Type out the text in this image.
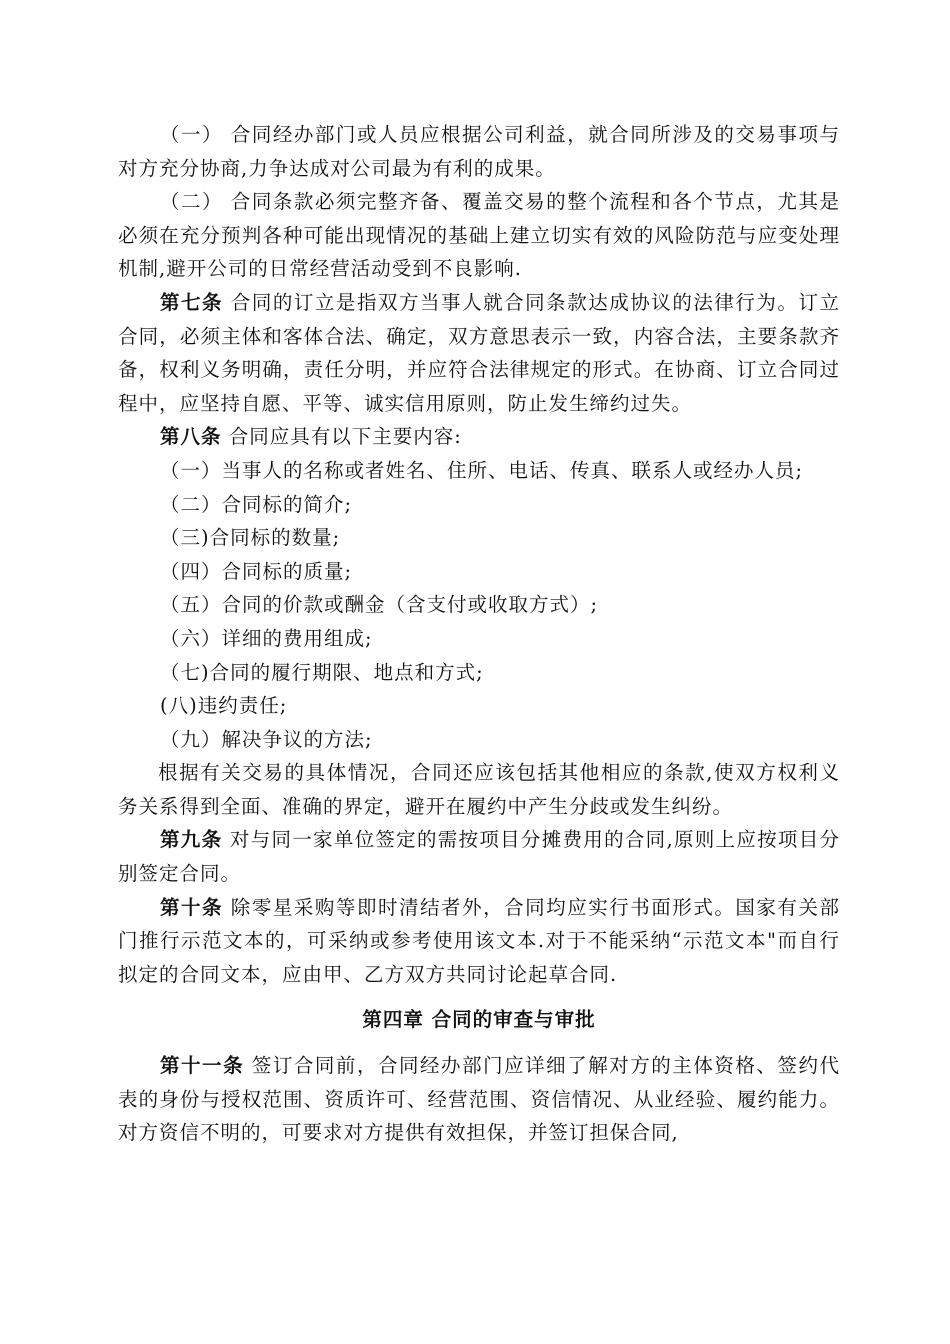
（一） 合同经办部门或人员应根据公司利益，就合同所涉及的交易事项与对方充分协商,力争达成对公司最为有利的成果。

（二） 合同条款必须完整齐备、覆盖交易的整个流程和各个节点，尤其是必须在充分预判各种可能出现情况的基础上建立切实有效的风险防范与应变处理机制,避开公司的日常经营活动受到不良影响.

第七条 合同的订立是指双方当事人就合同条款达成协议的法律行为。订立合同，必须主体和客体合法、确定，双方意思表示一致，内容合法，主要条款齐备，权利义务明确，责任分明，并应符合法律规定的形式。在协商、订立合同过程中，应坚持自愿、平等、诚实信用原则，防止发生缔约过失。

第八条 合同应具有以下主要内容:

（一）当事人的名称或者姓名、住所、电话、传真、联系人或经办人员;

（二）合同标的简介;

（三)合同标的数量;

（四）合同标的质量;

（五）合同的价款或酬金（含支付或收取方式）;

（六）详细的费用组成;

（七)合同的履行期限、地点和方式;

(八)违约责任;

（九）解决争议的方法;

根据有关交易的具体情况，合同还应该包括其他相应的条款,使双方权利义务关系得到全面、准确的界定，避开在履约中产生分歧或发生纠纷。

第九条 对与同一家单位签定的需按项目分摊费用的合同,原则上应按项目分别签定合同。

第十条 除零星采购等即时清结者外，合同均应实行书面形式。国家有关部门推行示范文本的，可采纳或参考使用该文本.对于不能采纳“示范文本"而自行拟定的合同文本，应由甲、乙方双方共同讨论起草合同.

第四章 合同的审查与审批

第十一条 签订合同前，合同经办部门应详细了解对方的主体资格、签约代表的身份与授权范围、资质许可、经营范围、资信情况、从业经验、履约能力。对方资信不明的，可要求对方提供有效担保，并签订担保合同,
